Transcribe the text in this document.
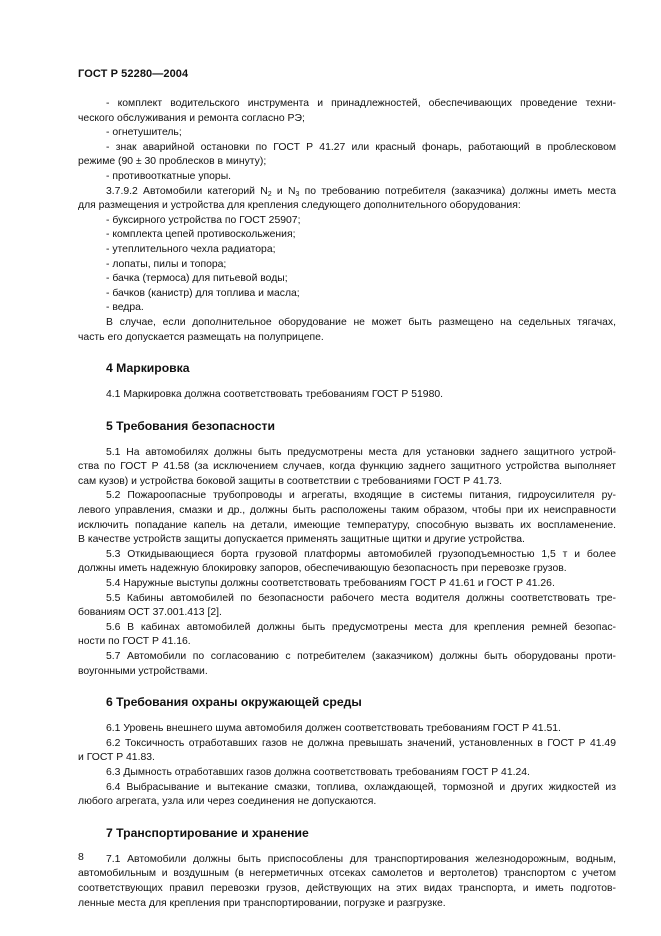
ГОСТ Р 52280—2004
- комплект водительского инструмента и принадлежностей, обеспечивающих проведение техни-
ческого обслуживания и ремонта согласно РЭ;
- огнетушитель;
- знак аварийной остановки по ГОСТ Р 41.27 или красный фонарь, работающий в проблесковом
режиме (90 ± 30 проблесков в минуту);
- противооткатные упоры.
3.7.9.2 Автомобили категорий $N_2$ и $N_3$ по требованию потребителя (заказчика) должны иметь места
для размещения и устройства для крепления следующего дополнительного оборудования:
- буксирного устройства по ГОСТ 25907;
- комплекта цепей противоскольжения;
- утеплительного чехла радиатора;
- лопаты, пилы и топора;
- бачка (термоса) для питьевой воды;
- бачков (канистр) для топлива и масла;
- ведра.
В случае, если дополнительное оборудование не может быть размещено на седельных тягачах,
часть его допускается размещать на полуприцепе.
4 Маркировка
4.1 Маркировка должна соответствовать требованиям ГОСТ Р 51980.
5 Требования безопасности
5.1 На автомобилях должны быть предусмотрены места для установки заднего защитного устрой-
ства по ГОСТ Р 41.58 (за исключением случаев, когда функцию заднего защитного устройства выполняет
сам кузов) и устройства боковой защиты в соответствии с требованиями ГОСТ Р 41.73.
5.2 Пожароопасные трубопроводы и агрегаты, входящие в системы питания, гидроусилителя ру-
левого управления, смазки и др., должны быть расположены таким образом, чтобы при их неисправности
исключить попадание капель на детали, имеющие температуру, способную вызвать их воспламенение.
В качестве устройств защиты допускается применять защитные щитки и другие устройства.
5.3 Откидывающиеся борта грузовой платформы автомобилей грузоподъемностью 1,5 т и более
должны иметь надежную блокировку запоров, обеспечивающую безопасность при перевозке грузов.
5.4 Наружные выступы должны соответствовать требованиям ГОСТ Р 41.61 и ГОСТ Р 41.26.
5.5 Кабины автомобилей по безопасности рабочего места водителя должны соответствовать тре-
бованиям ОСТ 37.001.413 [2].
5.6 В кабинах автомобилей должны быть предусмотрены места для крепления ремней безопас-
ности по ГОСТ Р 41.16.
5.7 Автомобили по согласованию с потребителем (заказчиком) должны быть оборудованы проти-
воугонными устройствами.
6 Требования охраны окружающей среды
6.1 Уровень внешнего шума автомобиля должен соответствовать требованиям ГОСТ Р 41.51.
6.2 Токсичность отработавших газов не должна превышать значений, установленных в ГОСТ Р 41.49
и ГОСТ Р 41.83.
6.3 Дымность отработавших газов должна соответствовать требованиям ГОСТ Р 41.24.
6.4 Выбрасывание и вытекание смазки, топлива, охлаждающей, тормозной и других жидкостей из
любого агрегата, узла или через соединения не допускаются.
7 Транспортирование и хранение
7.1 Автомобили должны быть приспособлены для транспортирования железнодорожным, водным,
автомобильным и воздушным (в негерметичных отсеках самолетов и вертолетов) транспортом с учетом
соответствующих правил перевозки грузов, действующих на этих видах транспорта, и иметь подготов-
ленные места для крепления при транспортировании, погрузке и разгрузке.
8
